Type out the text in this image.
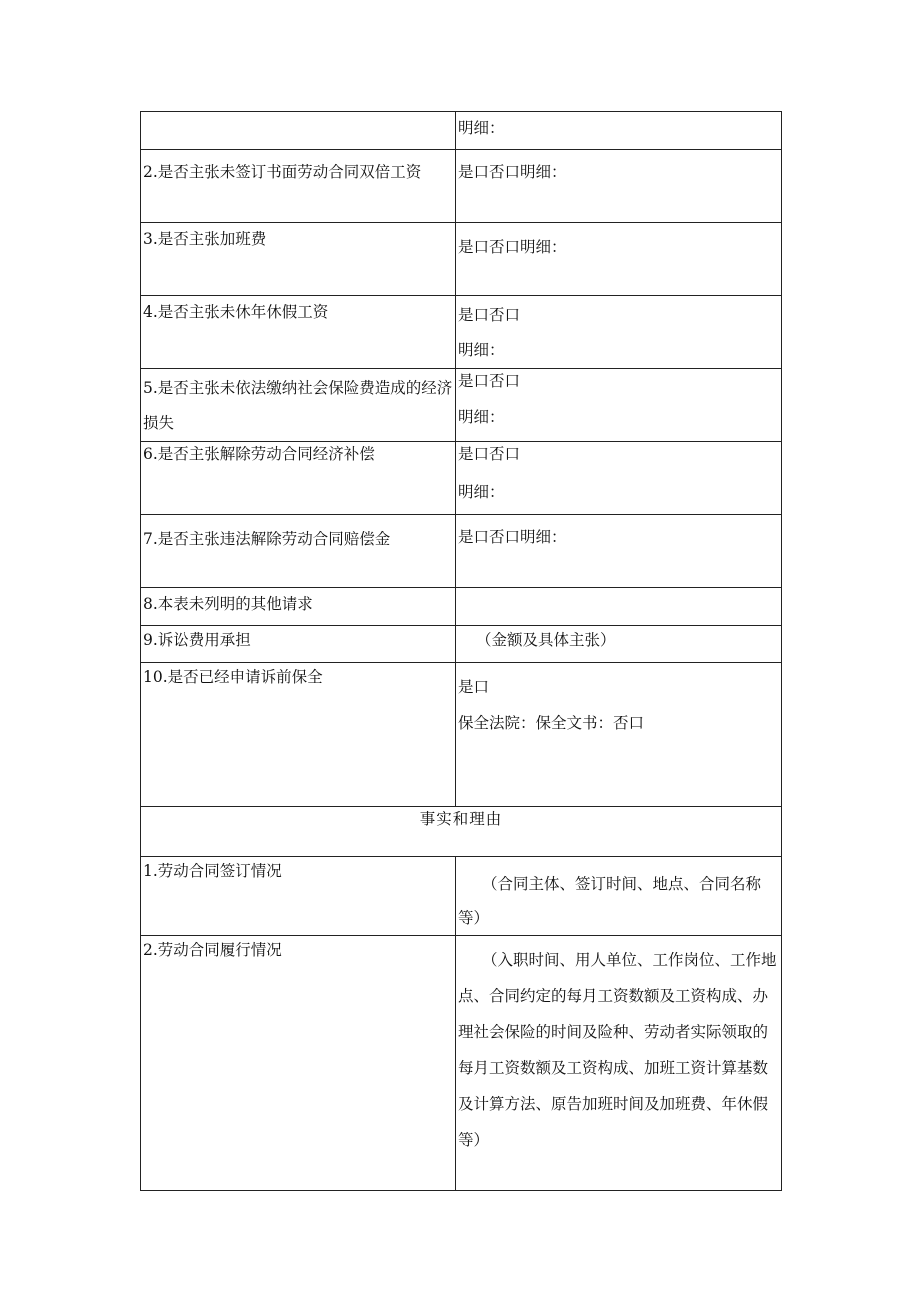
	明细：

2.是否主张未签订书面劳动合同双倍工资	是口否口明细：

3.是否主张加班费	是口否口明细：

4.是否主张未休年休假工资	是口否口
明细：

5.是否主张未依法缴纳社会保险费造成的经济损失	是口否口
明细：

6.是否主张解除劳动合同经济补偿	是口否口
明细：

7.是否主张违法解除劳动合同赔偿金	是口否口明细：

8.本表未列明的其他请求	

9.诉讼费用承担	（金额及具体主张）

10.是否已经申请诉前保全	是口
保全法院：保全文书：否口

事实和理由	

1.劳动合同签订情况	（合同主体、签订时间、地点、合同名称等）

2.劳动合同履行情况	（入职时间、用人单位、工作岗位、工作地点、合同约定的每月工资数额及工资构成、办理社会保险的时间及险种、劳动者实际领取的每月工资数额及工资构成、加班工资计算基数及计算方法、原告加班时间及加班费、年休假等）
